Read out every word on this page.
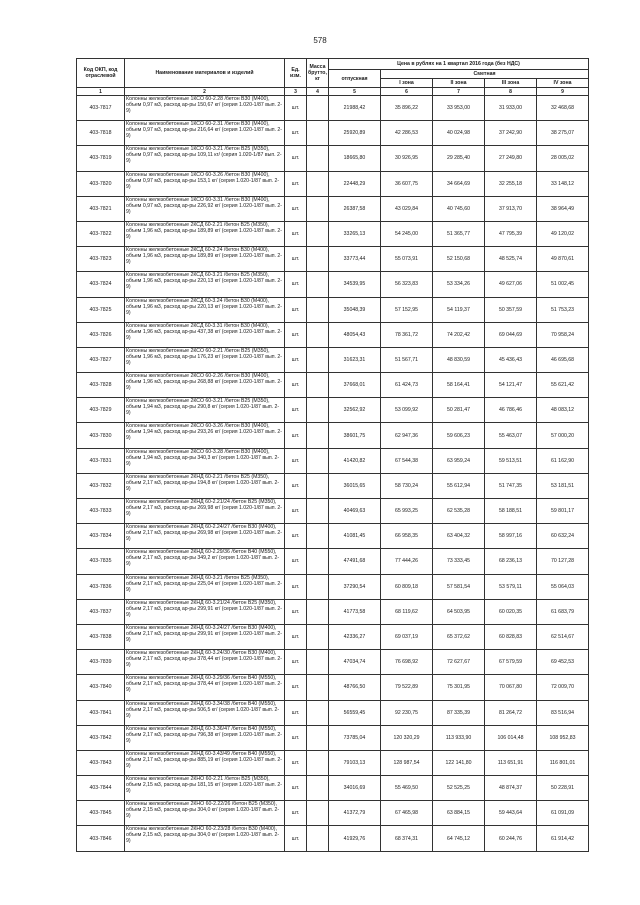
578
Код ОКП, код отраслевой	Наименование материалов и изделий	Ед. изм.	Масса брутто, кг	Цена в рублях на 1 квартал 2016 года (без НДС)				
				отпускная	Сметная			
					I зона	II зона	III зона	IV зона
1	2	3	4	5	6	7	8	9
403-7817	Колонны железобетонные 1КСО 60-2.28 /бетон В30 (М400), объем 0,97 м3, расход ар-ры 150,67 кг/ (серия 1.020-1/87 вып. 2-9)	шт.		21988,42	35 896,22	33 953,00	31 933,00	32 468,68
403-7818	Колонны железобетонные 1КСО 60-2.31 /бетон В30 (М400), объем 0,97 м3, расход ар-ры 216,64 кг/ (серия 1.020-1/87 вып. 2-9)	шт.		25920,89	42 286,53	40 024,98	37 242,90	38 275,07
403-7819	Колонны железобетонные 1КСО 60-3.21 /бетон В25 (М350), объем 0,97 м3, расход ар-ры 109,11 кг/ (серия 1.020-1/87 вып. 2-9)	шт.		18665,80	30 926,95	29 285,40	27 249,80	28 005,02
403-7820	Колонны железобетонные 1КСО 60-3.26 /бетон В30 (М400), объем 0,97 м3, расход ар-ры 153,1 кг/ (серия 1.020-1/87 вып. 2-9)	шт.		22448,29	36 607,75	34 664,69	32 255,18	33 148,12
403-7821	Колонны железобетонные 1КСО 60-3.31 /бетон В30 (М400), объем 0,97 м3, расход ар-ры 226,92 кг/ (серия 1.020-1/87 вып. 2-9)	шт.		26387,58	43 029,84	40 745,60	37 913,70	38 964,49
403-7822	Колонны железобетонные 2КСД 60-2.21 /бетон В25 (М350), объем 1,96 м3, расход ар-ры 189,89 кг/ (серия 1.020-1/87 вып. 2-9)	шт.		33265,13	54 245,00	51 365,77	47 795,39	49 120,02
403-7823	Колонны железобетонные 2КСД 60-2.24 /бетон В30 (М400), объем 1,96 м3, расход ар-ры 189,89 кг/ (серия 1.020-1/87 вып. 2-9)	шт.		33773,44	55 073,91	52 150,68	48 525,74	49 870,61
403-7824	Колонны железобетонные 2КСД 60-3.21 /бетон В25 (М350), объем 1,96 м3, расход ар-ры 220,13 кг/ (серия 1.020-1/87 вып. 2-9)	шт.		34539,95	56 323,83	53 334,26	49 627,06	51 002,45
403-7825	Колонны железобетонные 2КСД 60-3.24 /бетон В30 (М400), объем 1,96 м3, расход ар-ры 220,13 кг/ (серия 1.020-1/87 вып. 2-9)	шт.		35048,39	57 152,95	54 119,37	50 357,59	51 753,23
403-7826	Колонны железобетонные 2КСД 60-3.31 /бетон В30 (М400), объем 1,96 м3, расход ар-ры 437,38 кг/ (серия 1.020-1/87 вып. 2-9)	шт.		48054,43	78 361,72	74 202,42	69 044,69	70 958,24
403-7827	Колонны железобетонные 2КСО 60-2.21 /бетон В25 (М350), объем 1,96 м3, расход ар-ры 176,23 кг/ (серия 1.020-1/87 вып. 2-9)	шт.		31623,31	51 567,71	48 830,59	45 436,43	46 695,68
403-7828	Колонны железобетонные 2КСО 60-2.26 /бетон В30 (М400), объем 1,96 м3, расход ар-ры 268,88 кг/ (серия 1.020-1/87 вып. 2-9)	шт.		37668,01	61 424,73	58 164,41	54 121,47	55 621,42
403-7829	Колонны железобетонные 2КСО 60-3.21 /бетон В25 (М350), объем 1,94 м3, расход ар-ры 290,8 кг/ (серия 1.020-1/87 вып. 2-9)	шт.		32562,92	53 099,92	50 281,47	46 786,46	48 083,12
403-7830	Колонны железобетонные 2КСО 60-3.26 /бетон В30 (М400), объем 1,94 м3, расход ар-ры 293,26 кг/ (серия 1.020-1/87 вып. 2-9)	шт.		38601,75	62 947,36	59 606,23	55 463,07	57 000,20
403-7831	Колонны железобетонные 2КСО 60-3.28 /бетон В30 (М400), объем 1,94 м3, расход ар-ры 340,3 кг/ (серия 1.020-1/87 вып. 2-9)	шт.		41420,82	67 544,38	63 959,24	59 513,51	61 162,90
403-7832	Колонны железобетонные 2КНД 60-2.21 /бетон В25 (М350), объем 2,17 м3, расход ар-ры 194,8 кг/ (серия 1.020-1/87 вып. 2-9)	шт.		36015,65	58 730,24	55 612,94	51 747,35	53 181,51
403-7833	Колонны железобетонные 2КНД 60-2.21/24 /бетон В25 (М350), объем 2,17 м3, расход ар-ры 269,98 кг/ (серия 1.020-1/87 вып. 2-9)	шт.		40469,63	65 993,25	62 535,28	58 188,51	59 801,17
403-7834	Колонны железобетонные 2КНД 60-2.24/27 /бетон В30 (М400), объем 2,17 м3, расход ар-ры 269,98 кг/ (серия 1.020-1/87 вып. 2-9)	шт.		41081,45	66 958,35	63 404,32	58 997,16	60 632,24
403-7835	Колонны железобетонные 2КНД 60-2.29/36 /бетон В40 (М550), объем 2,17 м3, расход ар-ры 349,2 кг/ (серия 1.020-1/87 вып. 2-9)	шт.		47491,68	77 444,26	73 333,45	68 236,13	70 127,28
403-7836	Колонны железобетонные 2КНД 60-3.21 /бетон В25 (М350), объем 2,17 м3, расход ар-ры 225,04 кг/ (серия 1.020-1/87 вып. 2-9)	шт.		37290,54	60 809,18	57 581,54	53 579,11	55 064,03
403-7837	Колонны железобетонные 2КНД 60-3.21/24 /бетон В25 (М350), объем 2,17 м3, расход ар-ры 299,91 кг/ (серия 1.020-1/87 вып. 2-9)	шт.		41773,58	68 119,62	64 503,95	60 020,35	61 683,79
403-7838	Колонны железобетонные 2КНД 60-3.24/27 /бетон В30 (М400), объем 2,17 м3, расход ар-ры 299,91 кг/ (серия 1.020-1/87 вып. 2-9)	шт.		42336,27	69 037,19	65 372,62	60 828,83	62 514,67
403-7839	Колонны железобетонные 2КНД 60-3.24/30 /бетон В30 (М400), объем 2,17 м3, расход ар-ры 378,44 кг/ (серия 1.020-1/87 вып. 2-9)	шт.		47034,74	76 698,92	72 627,67	67 579,59	69 452,53
403-7840	Колонны железобетонные 2КНД 60-3.29/36 /бетон В40 (М550), объем 2,17 м3, расход ар-ры 378,44 кг/ (серия 1.020-1/87 вып. 2-9)	шт.		48766,50	79 522,89	75 301,95	70 067,80	72 009,70
403-7841	Колонны железобетонные 2КНД 60-3.34/38 /бетон В40 (М550), объем 2,17 м3, расход ар-ры 506,5 кг/ (серия 1.020-1/87 вып. 2-9)	шт.		56559,45	92 230,75	87 335,39	81 264,72	83 516,94
403-7842	Колонны железобетонные 2КНД 60-3.36/47 /бетон В40 (М550), объем 2,17 м3, расход ар-ры 796,38 кг/ (серия 1.020-1/87 вып. 2-9)	шт.		73785,04	120 320,29	113 933,90	106 014,48	108 952,83
403-7843	Колонны железобетонные 2КНД 60-3.43/49 /бетон В40 (М550), объем 2,17 м3, расход ар-ры 885,19 кг/ (серия 1.020-1/87 вып. 2-9)	шт.		79103,13	128 987,54	122 141,80	113 651,91	116 801,01
403-7844	Колонны железобетонные 2КНО 60-2.21 /бетон В25 (М350), объем 2,15 м3, расход ар-ры 181,15 кг/ (серия 1.020-1/87 вып. 2-9)	шт.		34016,69	55 469,50	52 525,25	48 874,37	50 228,91
403-7845	Колонны железобетонные 2КНО 60-2.22/26 /бетон В25 (М350), объем 2,15 м3, расход ар-ры 304,0 кг/ (серия 1.020-1/87 вып. 2-9)	шт.		41372,79	67 465,98	63 884,15	59 443,64	61 091,09
403-7846	Колонны железобетонные 2КНО 60-2.23/28 /бетон В30 (М400), объем 2,15 м3, расход ар-ры 304,0 кг/ (серия 1.020-1/87 вып. 2-9)	шт.		41929,76	68 374,31	64 745,12	60 244,76	61 914,42
